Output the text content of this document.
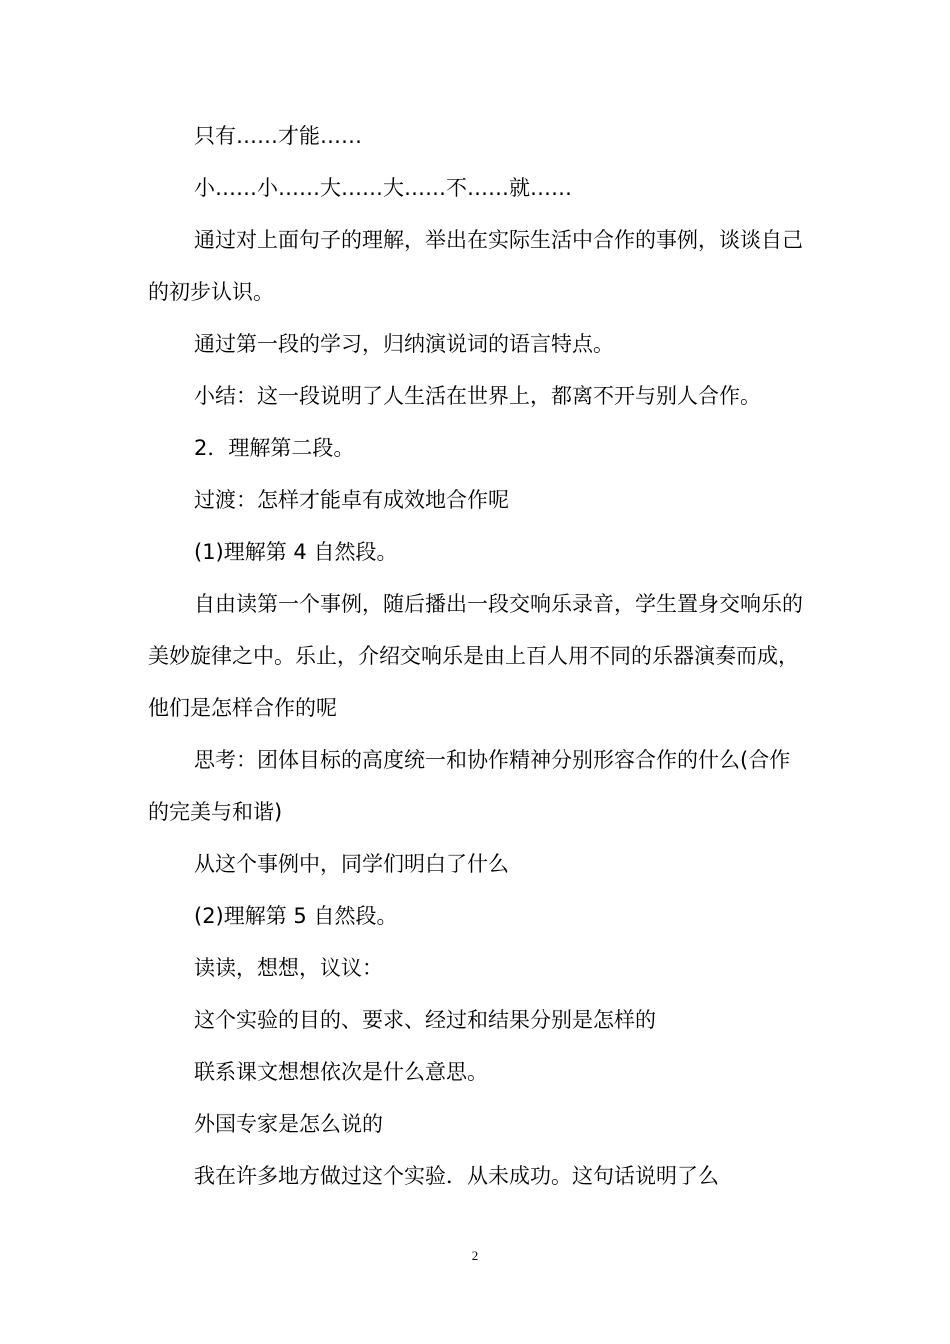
只有……才能……

小……小……大……大……不……就……

通过对上面句子的理解，举出在实际生活中合作的事例，谈谈自己的初步认识。

通过第一段的学习，归纳演说词的语言特点。

小结：这一段说明了人生活在世界上，都离不开与别人合作。

2．理解第二段。

过渡：怎样才能卓有成效地合作呢

(1)理解第 4 自然段。

自由读第一个事例，随后播出一段交响乐录音，学生置身交响乐的美妙旋律之中。乐止，介绍交响乐是由上百人用不同的乐器演奏而成，他们是怎样合作的呢

思考：团体目标的高度统一和协作精神分别形容合作的什么(合作的完美与和谐)

从这个事例中，同学们明白了什么

(2)理解第 5 自然段。

读读，想想，议议：

这个实验的目的、要求、经过和结果分别是怎样的

联系课文想想依次是什么意思。

外国专家是怎么说的

我在许多地方做过这个实验．从未成功。这句话说明了么

2
